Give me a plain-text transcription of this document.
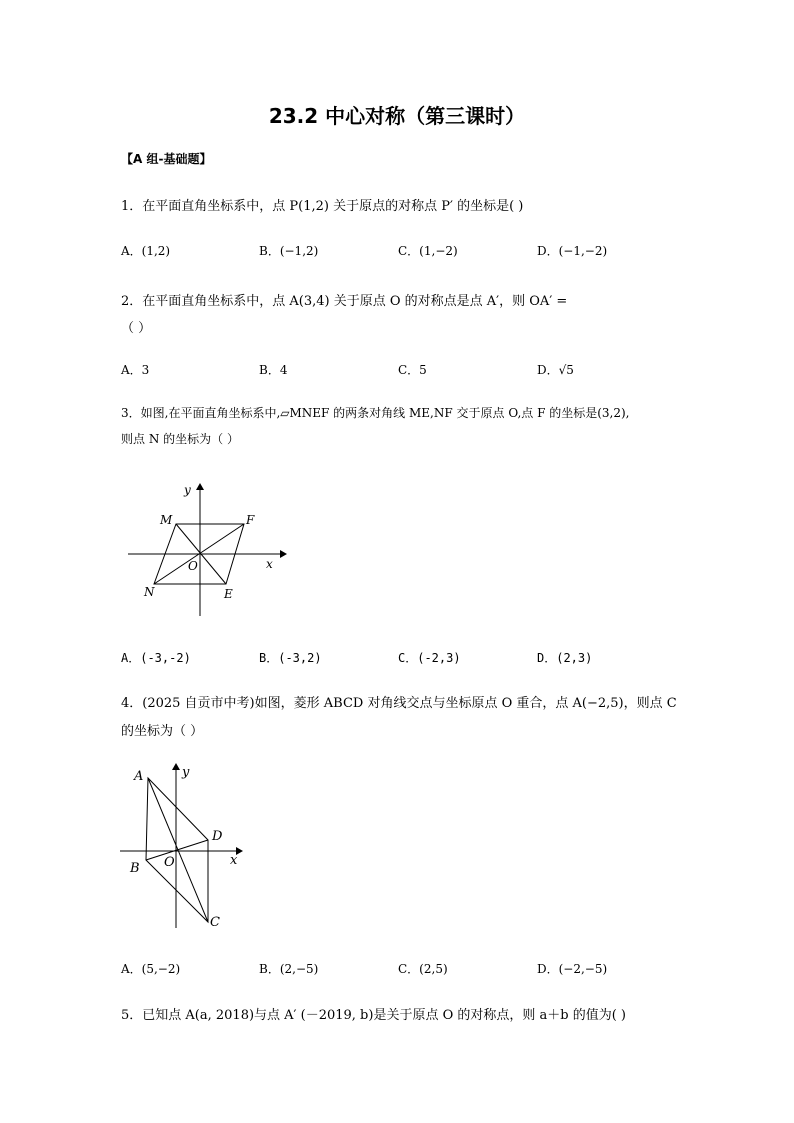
23.2 中心对称（第三课时）
【A 组-基础题】
1．在平面直角坐标系中，点 P(1,2) 关于原点的对称点 P′ 的坐标是( )
A．(1,2)	B．(−1,2)	C．(1,−2)	D．(−1,−2)
2．在平面直角坐标系中，点 A(3,4) 关于原点 O 的对称点是点 A′，则 OA′ =
（ ）
A．3	B．4	C．5	D．√5
3．如图,在平面直角坐标系中,▱MNEF 的两条对角线 ME,NF 交于原点 O,点 F 的坐标是(3,2),
则点 N 的坐标为（ ）
y
M	F
O	x
N	E
A．(-3,-2)	B．(-3,2)	C．(-2,3)	D．(2,3)
4．(2025 自贡市中考)如图，菱形 ABCD 对角线交点与坐标原点 O 重合，点 A(−2,5)，则点 C
的坐标为（ ）
A	y
D
O	x
B
C
A．(5,−2)	B．(2,−5)	C．(2,5)	D．(−2,−5)
5．已知点 A(a, 2018)与点 A′ (－2019, b)是关于原点 O 的对称点，则 a＋b 的值为( )
